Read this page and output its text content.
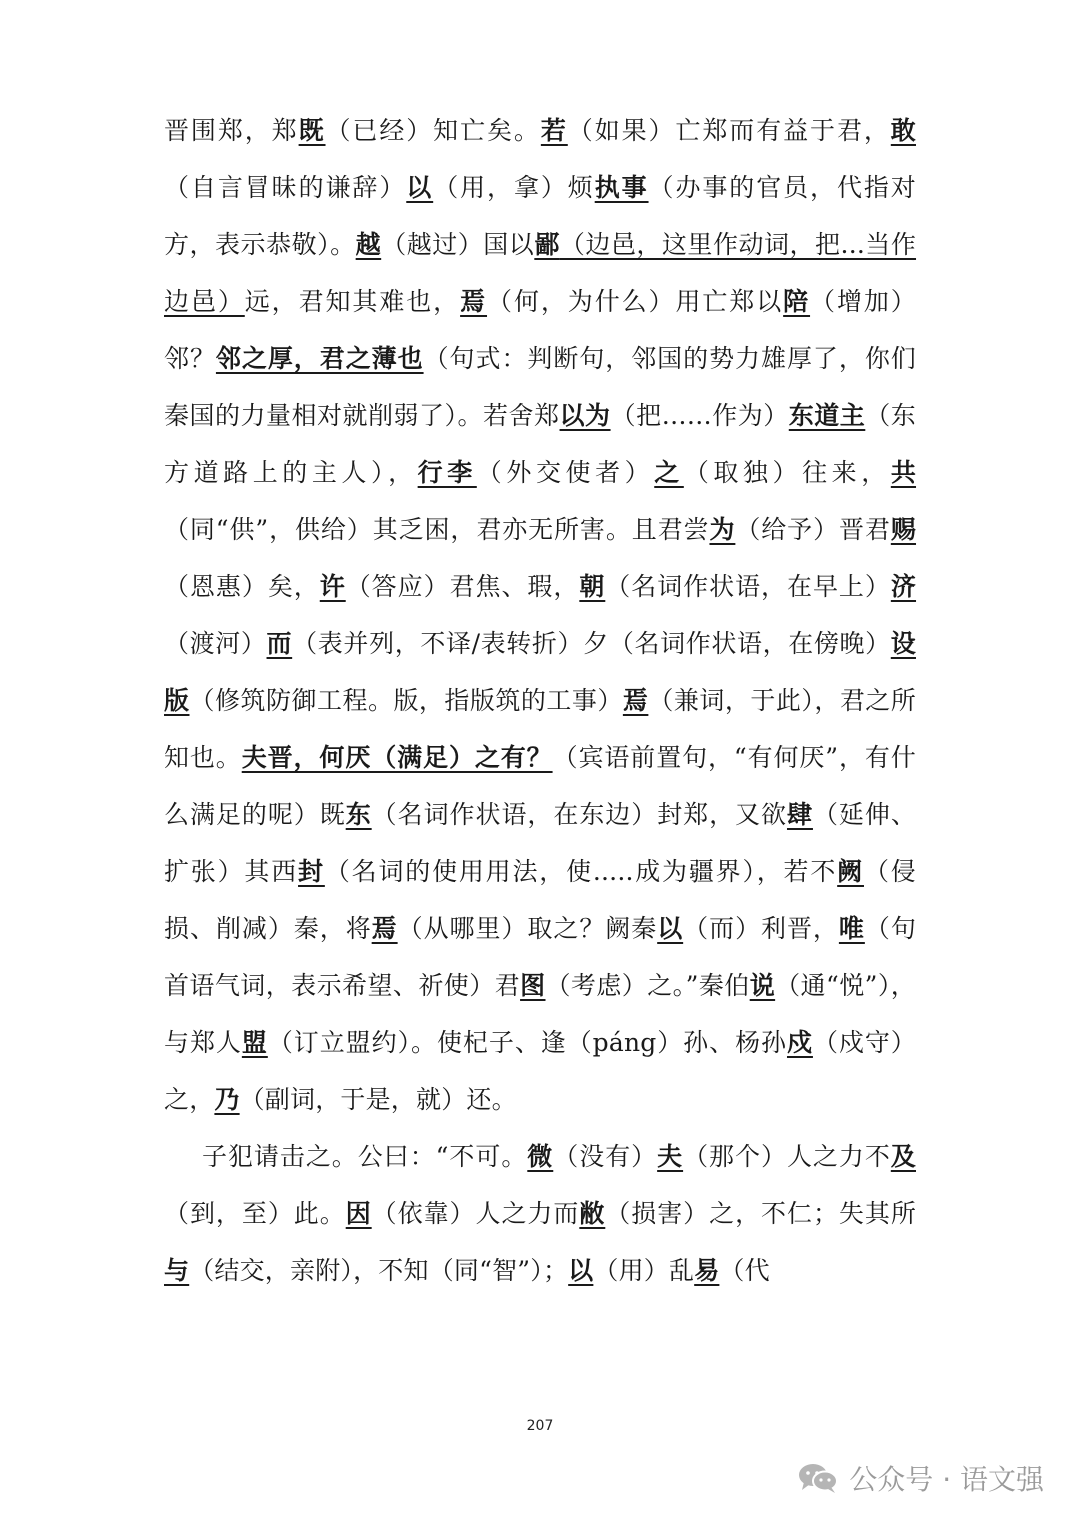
晋围郑，郑既（已经）知亡矣。若（如果）亡郑而有益于君，敢（自言冒昧的谦辞）以（用，拿）烦执事（办事的官员，代指对方，表示恭敬）。越（越过）国以鄙（边邑，这里作动词，把...当作边邑）远，君知其难也，焉（何，为什么）用亡郑以陪（增加）邻？邻之厚，君之薄也（句式：判断句，邻国的势力雄厚了，你们秦国的力量相对就削弱了）。若舍郑以为（把……作为）东道主（东方道路上的主人），行李（外交使者）之（取独）往来，共（同“供”，供给）其乏困，君亦无所害。且君尝为（给予）晋君赐（恩惠）矣，许（答应）君焦、瑕，朝（名词作状语，在早上）济（渡河）而（表并列，不译/表转折）夕（名词作状语，在傍晚）设版（修筑防御工程。版，指版筑的工事）焉（兼词，于此），君之所知也。夫晋，何厌（满足）之有？（宾语前置句，“有何厌”，有什么满足的呢）既东（名词作状语，在东边）封郑，又欲肆（延伸、扩张）其西封（名词的使用用法，使.....成为疆界），若不阙（侵损、削减）秦，将焉（从哪里）取之？阙秦以（而）利晋，唯（句首语气词，表示希望、祈使）君图（考虑）之。”秦伯说（通“悦”），与郑人盟（订立盟约）。使杞子、逢（páng）孙、杨孙戍（戍守）之，乃（副词，于是，就）还。

子犯请击之。公曰：“不可。微（没有）夫（那个）人之力不及（到，至）此。因（依靠）人之力而敝（损害）之，不仁；失其所与（结交，亲附），不知（同“智”）；以（用）乱易（代

207
公众号 · 语文强
